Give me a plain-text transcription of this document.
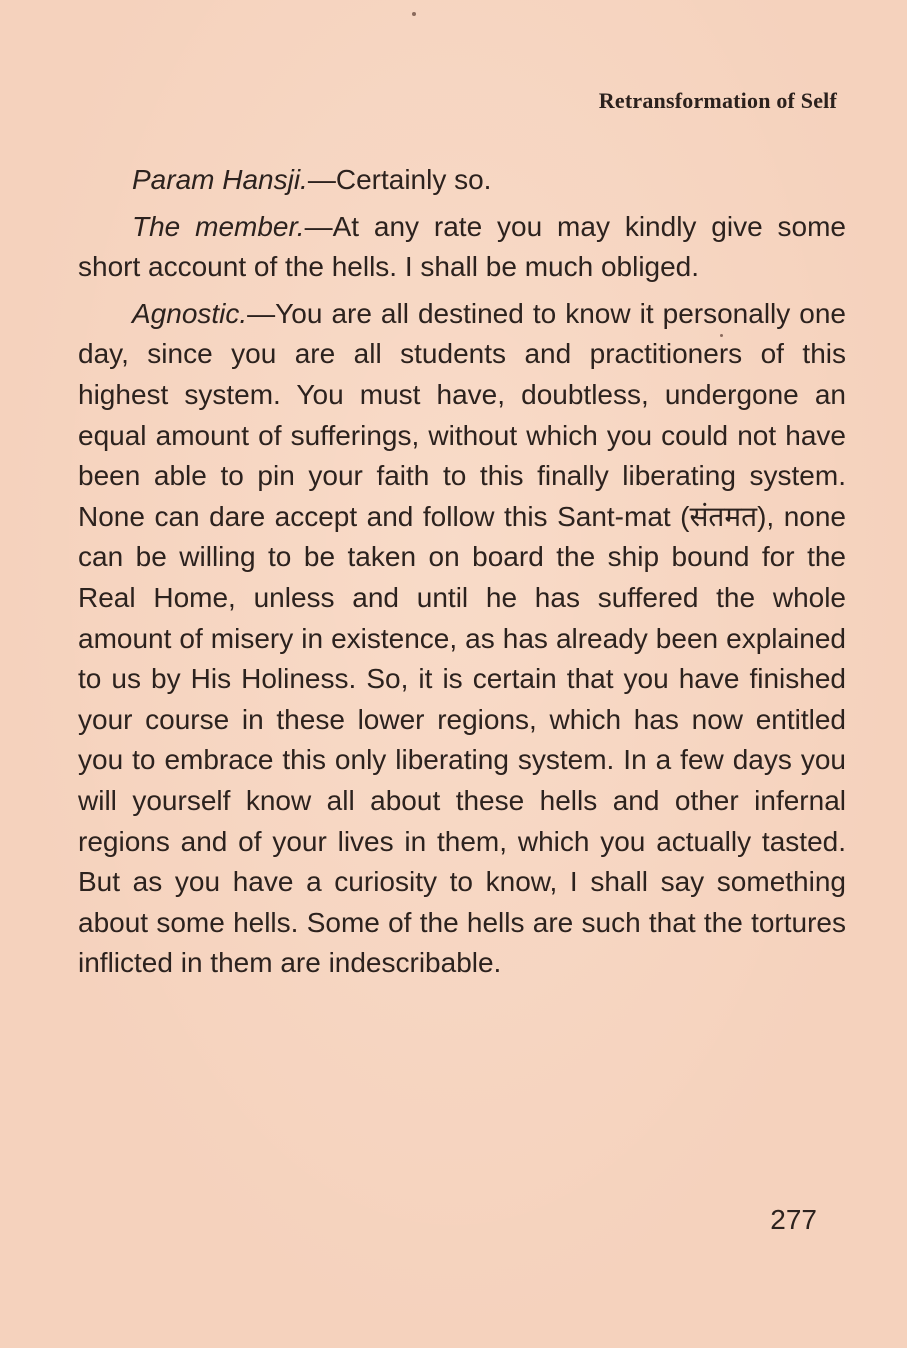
Retransformation of Self

Param Hansji.—Certainly so.

The member.—At any rate you may kindly give some short account of the hells. I shall be much obliged.

Agnostic.—You are all destined to know it personally one day, since you are all students and practitioners of this highest system. You must have, doubtless, undergone an equal amount of sufferings, without which you could not have been able to pin your faith to this finally liberating system. None can dare accept and follow this Sant-mat (संतमत), none can be willing to be taken on board the ship bound for the Real Home, unless and until he has suffered the whole amount of misery in existence, as has already been explained to us by His Holiness. So, it is certain that you have finished your course in these lower regions, which has now entitled you to embrace this only liberating system. In a few days you will yourself know all about these hells and other infernal regions and of your lives in them, which you actually tasted. But as you have a curiosity to know, I shall say something about some hells. Some of the hells are such that the tortures inflicted in them are indescribable.

277
